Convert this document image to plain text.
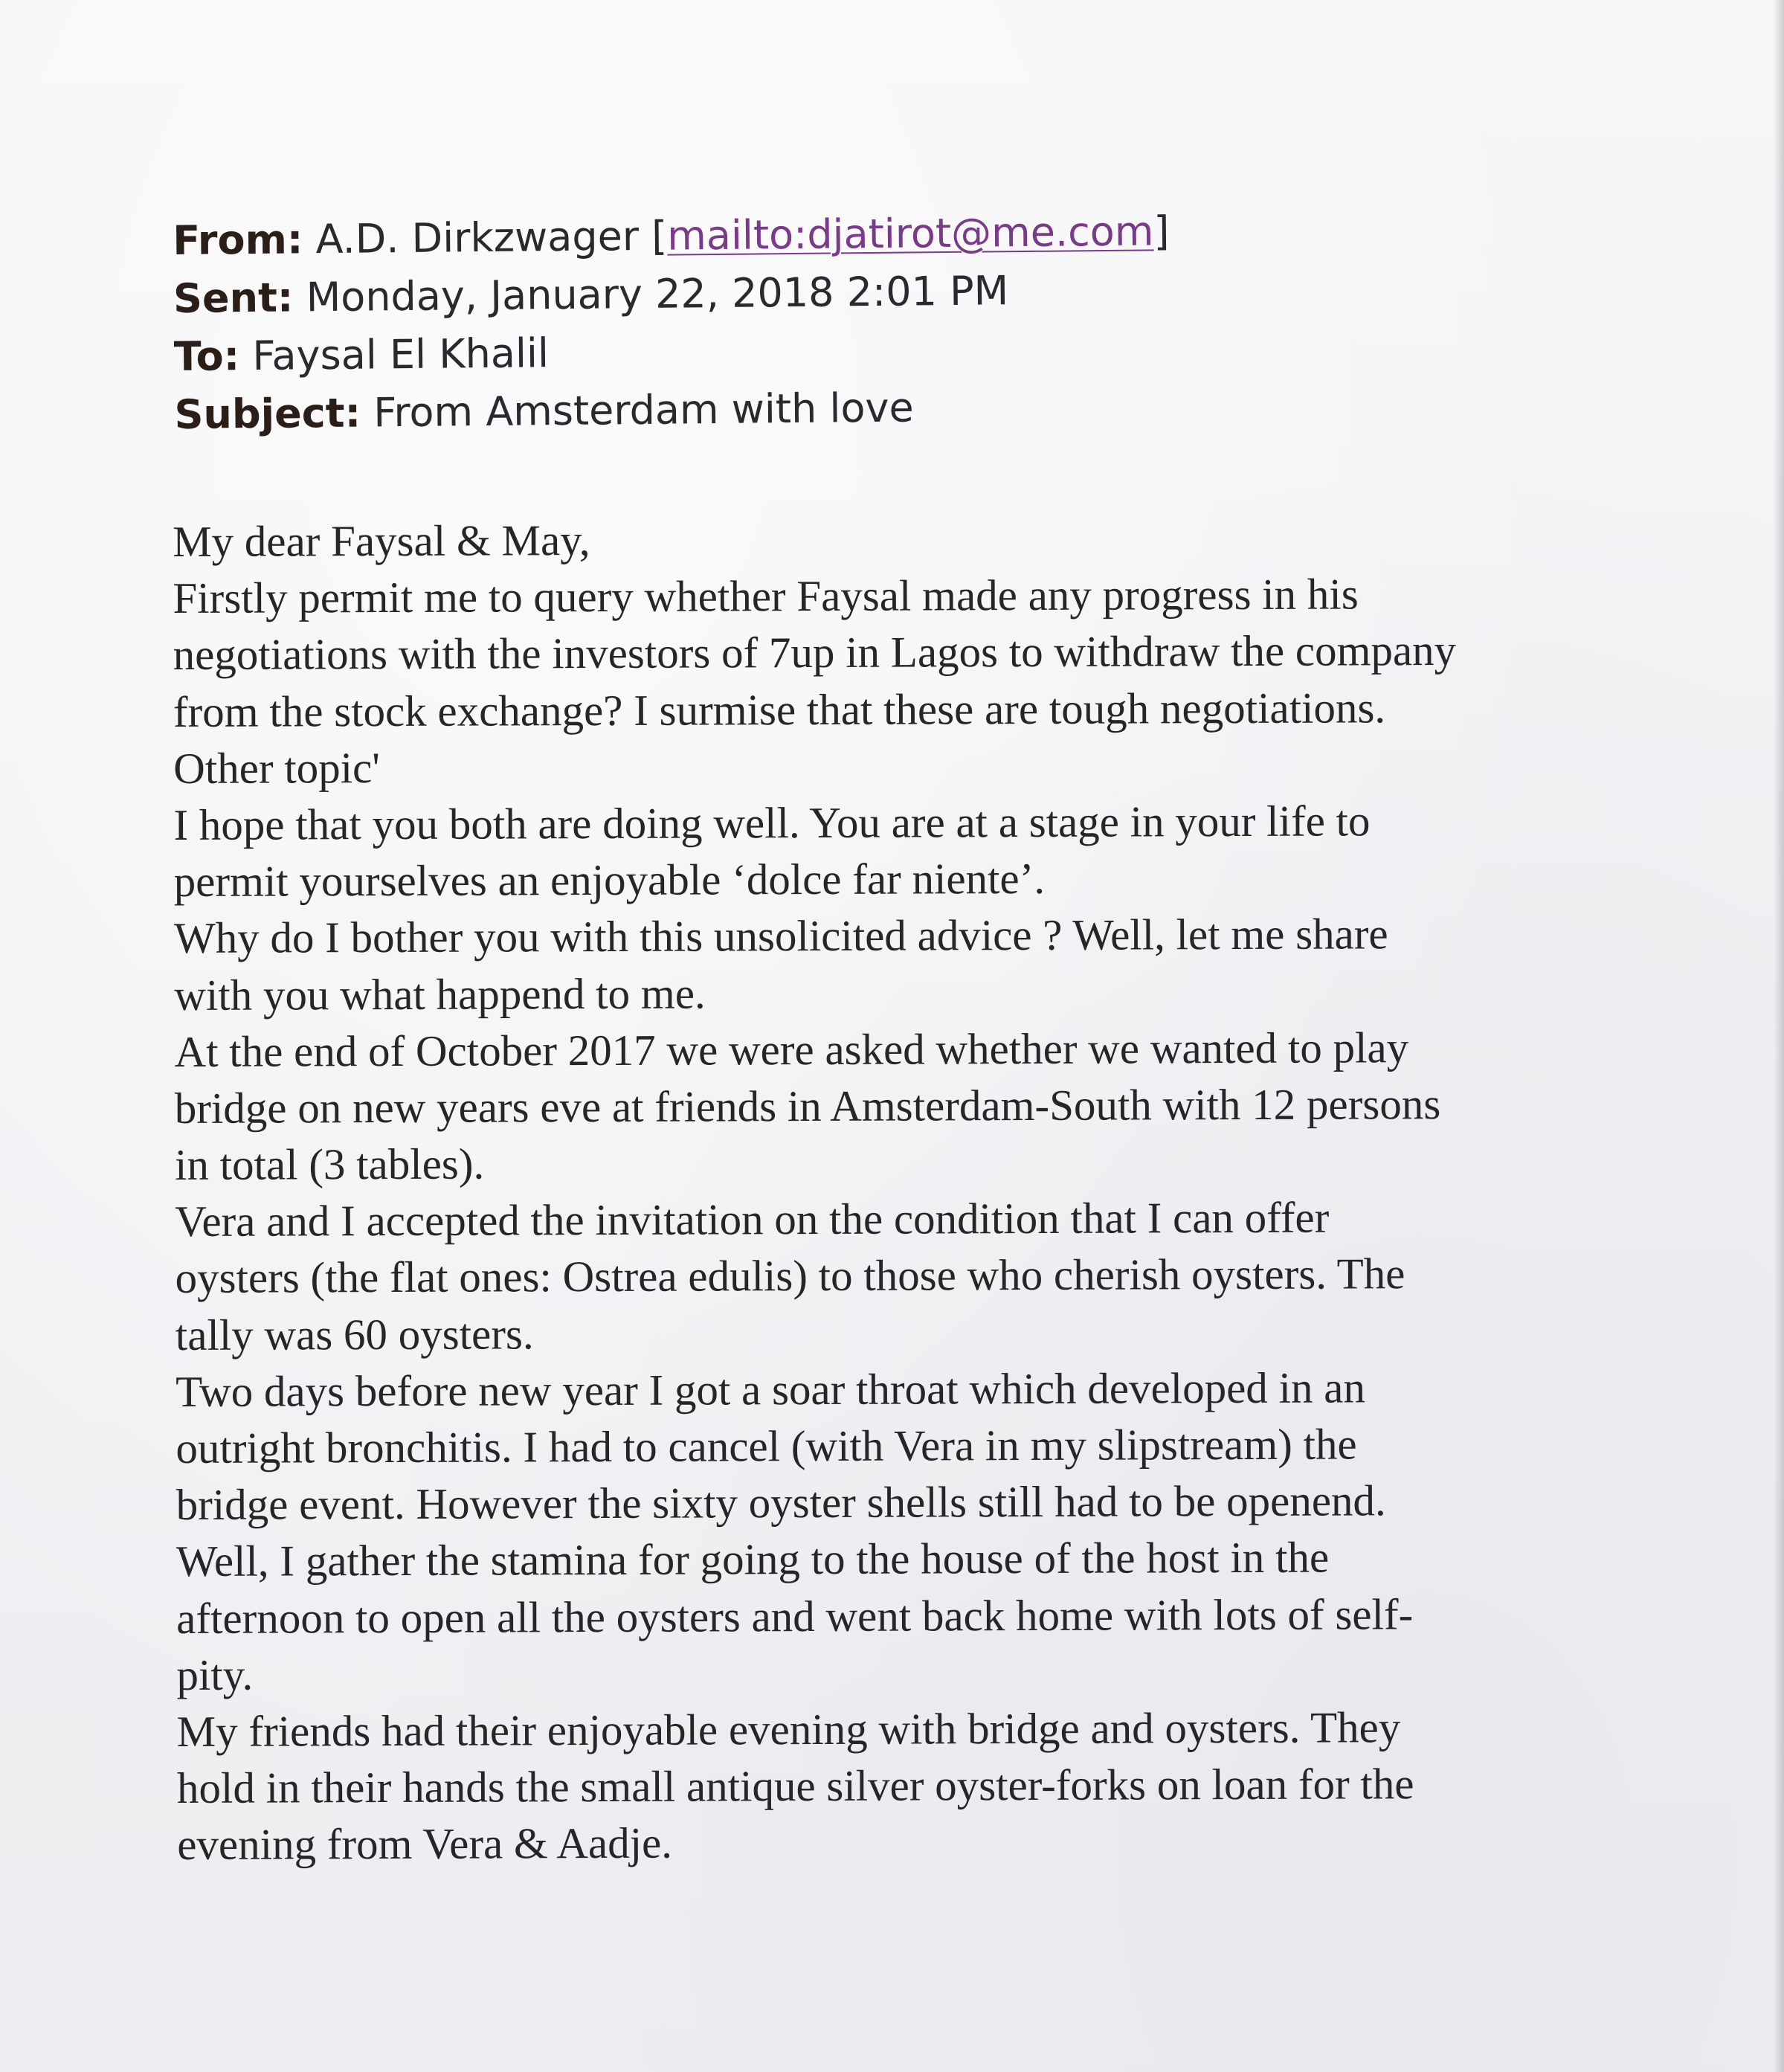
From: A.D. Dirkzwager [mailto:djatirot@me.com]
Sent: Monday, January 22, 2018 2:01 PM
To: Faysal El Khalil
Subject: From Amsterdam with love
My dear Faysal & May,
Firstly permit me to query whether Faysal made any progress in his
negotiations with the investors of 7up in Lagos to withdraw the company
from the stock exchange? I surmise that these are tough negotiations.
Other topic'
I hope that you both are doing well. You are at a stage in your life to
permit yourselves an enjoyable ‘dolce far niente’.
Why do I bother you with this unsolicited advice ? Well, let me share
with you what happend to me.
At the end of October 2017 we were asked whether we wanted to play
bridge on new years eve at friends in Amsterdam-South with 12 persons
in total (3 tables).
Vera and I accepted the invitation on the condition that I can offer
oysters (the flat ones: Ostrea edulis) to those who cherish oysters. The
tally was 60 oysters.
Two days before new year I got a soar throat which developed in an
outright bronchitis. I had to cancel (with Vera in my slipstream) the
bridge event. However the sixty oyster shells still had to be openend.
Well, I gather the stamina for going to the house of the host in the
afternoon to open all the oysters and went back home with lots of self-
pity.
My friends had their enjoyable evening with bridge and oysters. They
hold in their hands the small antique silver oyster-forks on loan for the
evening from Vera & Aadje.
